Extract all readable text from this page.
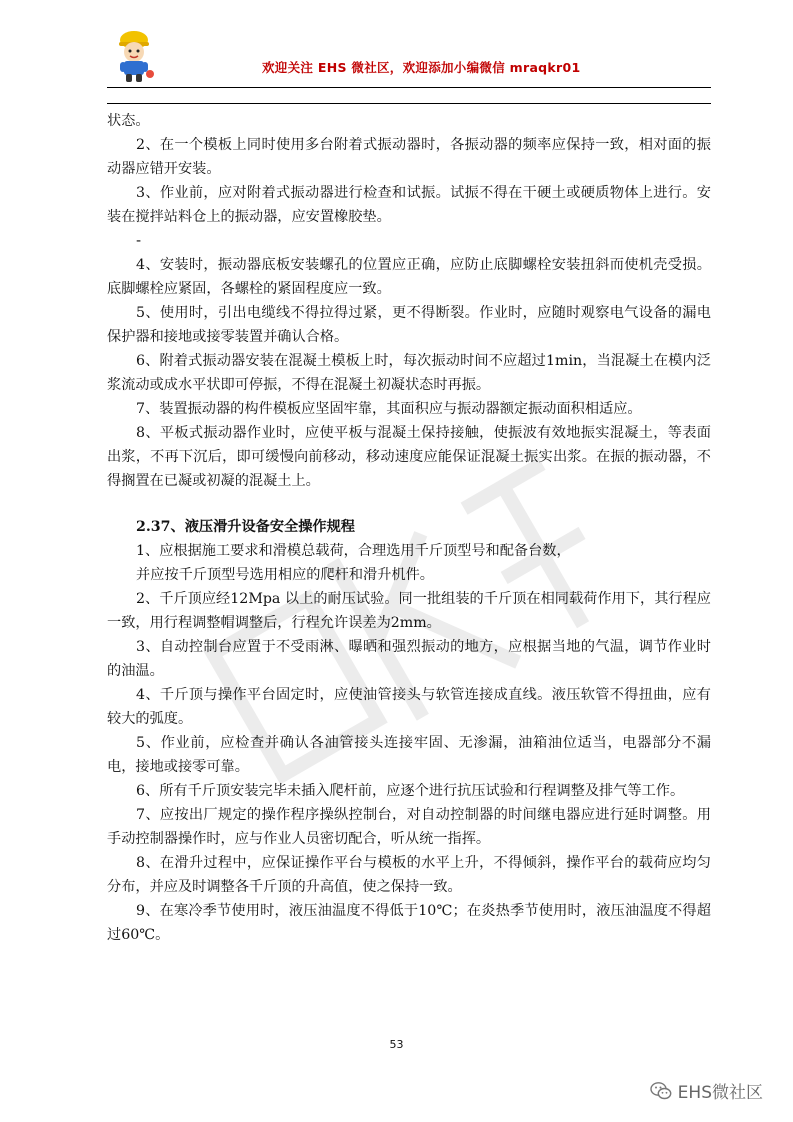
欢迎关注 EHS 微社区，欢迎添加小编微信 mraqkr01

状态。

2、在一个模板上同时使用多台附着式振动器时，各振动器的频率应保持一致，相对面的振动器应错开安装。

3、作业前，应对附着式振动器进行检查和试振。试振不得在干硬土或硬质物体上进行。安装在搅拌站料仓上的振动器，应安置橡胶垫。

-

4、安装时，振动器底板安装螺孔的位置应正确，应防止底脚螺栓安装扭斜而使机壳受损。底脚螺栓应紧固，各螺栓的紧固程度应一致。

5、使用时，引出电缆线不得拉得过紧，更不得断裂。作业时，应随时观察电气设备的漏电保护器和接地或接零装置并确认合格。

6、附着式振动器安装在混凝土模板上时，每次振动时间不应超过1min，当混凝土在模内泛浆流动或成水平状即可停振，不得在混凝土初凝状态时再振。

7、装置振动器的构件模板应坚固牢靠，其面积应与振动器额定振动面积相适应。

8、平板式振动器作业时，应使平板与混凝土保持接触，使振波有效地振实混凝土，等表面出浆，不再下沉后，即可缓慢向前移动，移动速度应能保证混凝土振实出浆。在振的振动器，不得搁置在已凝或初凝的混凝土上。

2.37、液压滑升设备安全操作规程

1、应根据施工要求和滑模总载荷，合理选用千斤顶型号和配备台数，

并应按千斤顶型号选用相应的爬杆和滑升机件。

2、千斤顶应经12Mpa 以上的耐压试验。同一批组装的千斤顶在相同载荷作用下，其行程应一致，用行程调整帽调整后，行程允许误差为2mm。

3、自动控制台应置于不受雨淋、曝晒和强烈振动的地方，应根据当地的气温，调节作业时的油温。

4、千斤顶与操作平台固定时，应使油管接头与软管连接成直线。液压软管不得扭曲，应有较大的弧度。

5、作业前，应检查并确认各油管接头连接牢固、无渗漏，油箱油位适当，电器部分不漏电，接地或接零可靠。

6、所有千斤顶安装完毕未插入爬杆前，应逐个进行抗压试验和行程调整及排气等工作。

7、应按出厂规定的操作程序操纵控制台，对自动控制器的时间继电器应进行延时调整。用手动控制器操作时，应与作业人员密切配合，听从统一指挥。

8、在滑升过程中，应保证操作平台与模板的水平上升，不得倾斜，操作平台的载荷应均匀分布，并应及时调整各千斤顶的升高值，使之保持一致。

9、在寒冷季节使用时，液压油温度不得低于10℃；在炎热季节使用时，液压油温度不得超过60℃。

53
EHS微社区
